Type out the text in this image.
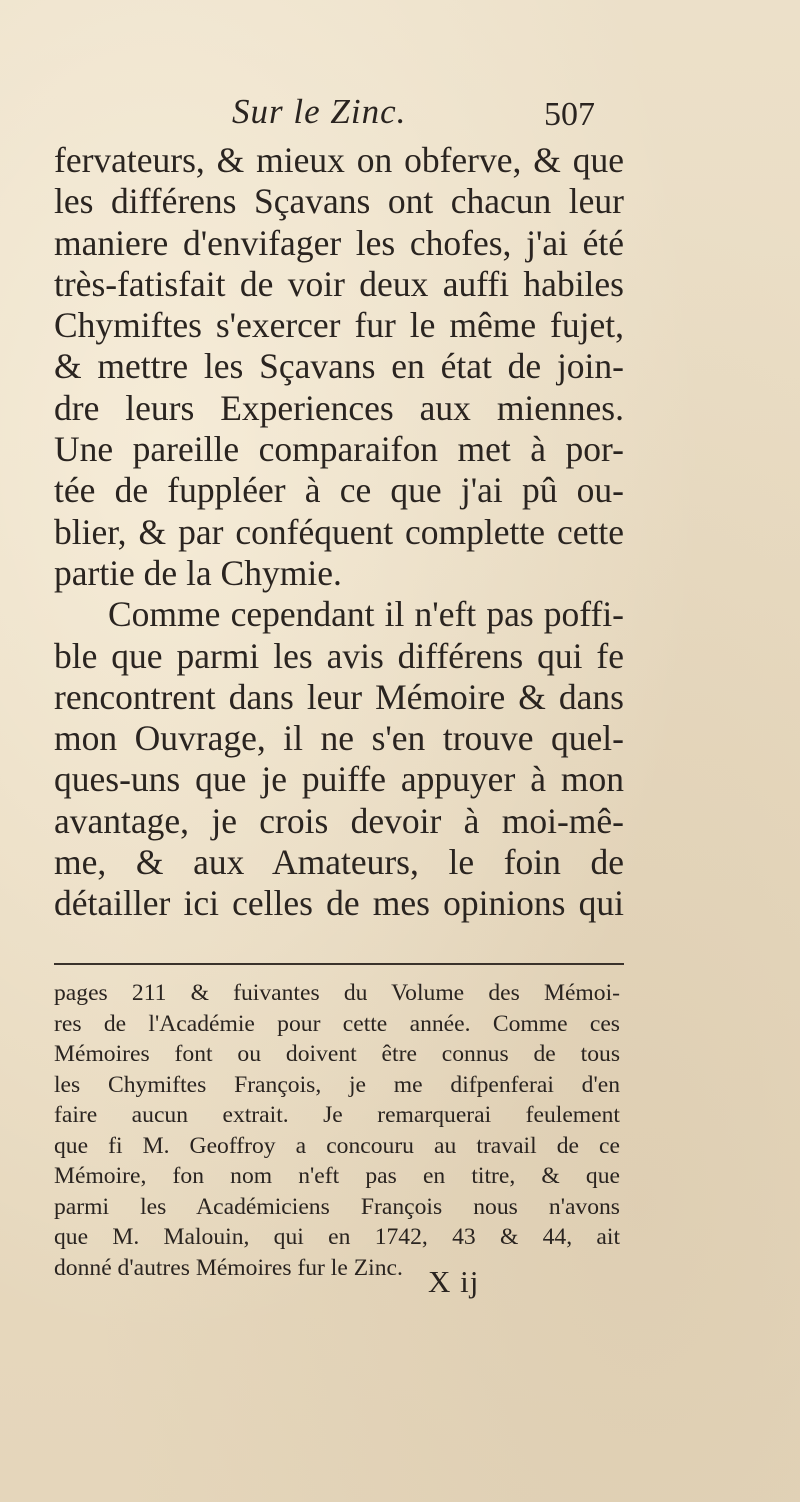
Sur le Zinc.	507
fervateurs, & mieux on obferve, & que
les différens Sçavans ont chacun leur
maniere d'envifager les chofes, j'ai été
très-fatisfait de voir deux auffi habiles
Chymiftes s'exercer fur le même fujet,
& mettre les Sçavans en état de join-
dre leurs Experiences aux miennes.
Une pareille comparaifon met à por-
tée de fuppléer à ce que j'ai pû ou-
blier, & par conféquent complette cette
partie de la Chymie.
Comme cependant il n'eft pas poffi-
ble que parmi les avis différens qui fe
rencontrent dans leur Mémoire & dans
mon Ouvrage, il ne s'en trouve quel-
ques-uns que je puiffe appuyer à mon
avantage, je crois devoir à moi-mê-
me, & aux Amateurs, le foin de
détailler ici celles de mes opinions qui
pages 211 & fuivantes du Volume des Mémoi-
res de l'Académie pour cette année. Comme ces
Mémoires font ou doivent être connus de tous
les Chymiftes François, je me difpenferai d'en
faire aucun extrait. Je remarquerai feulement
que fi M. Geoffroy a concouru au travail de ce
Mémoire, fon nom n'eft pas en titre, & que
parmi les Académiciens François nous n'avons
que M. Malouin, qui en 1742, 43 & 44, ait
donné d'autres Mémoires fur le Zinc. X ij
